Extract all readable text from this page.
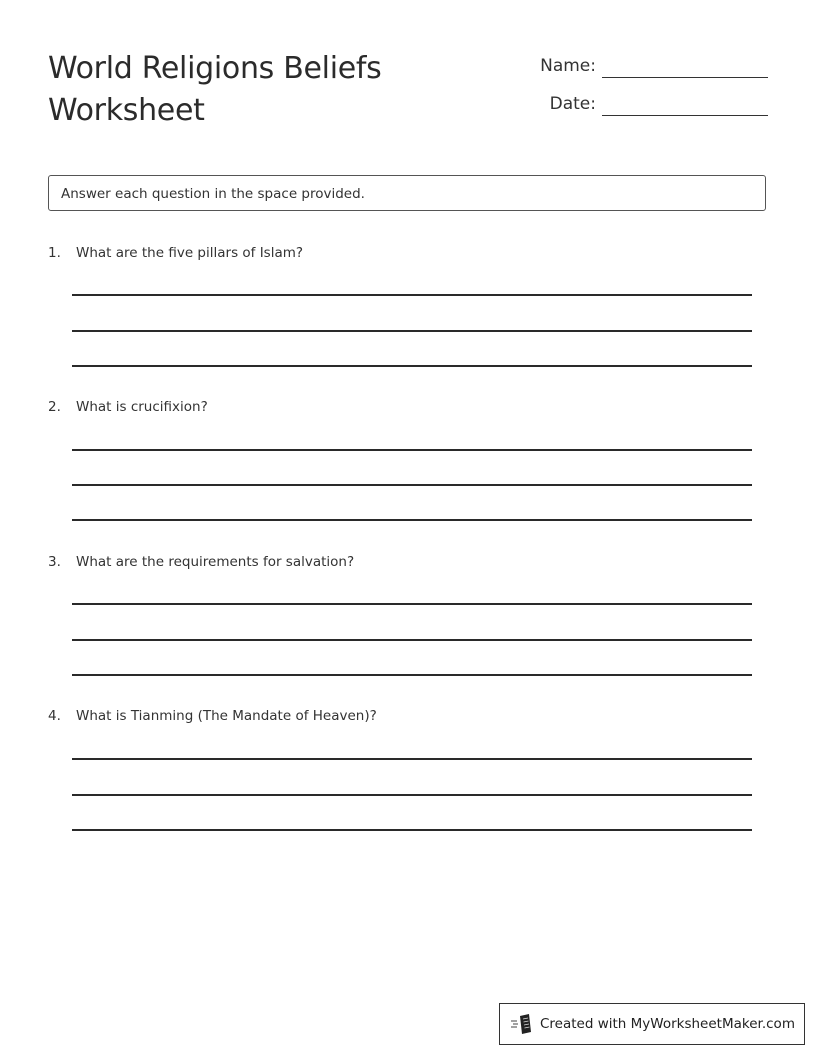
World Religions Beliefs
Worksheet
Name:
Date:
Answer each question in the space provided.
1. What are the five pillars of Islam?
2. What is crucifixion?
3. What are the requirements for salvation?
4. What is Tianming (The Mandate of Heaven)?
Created with MyWorksheetMaker.com
